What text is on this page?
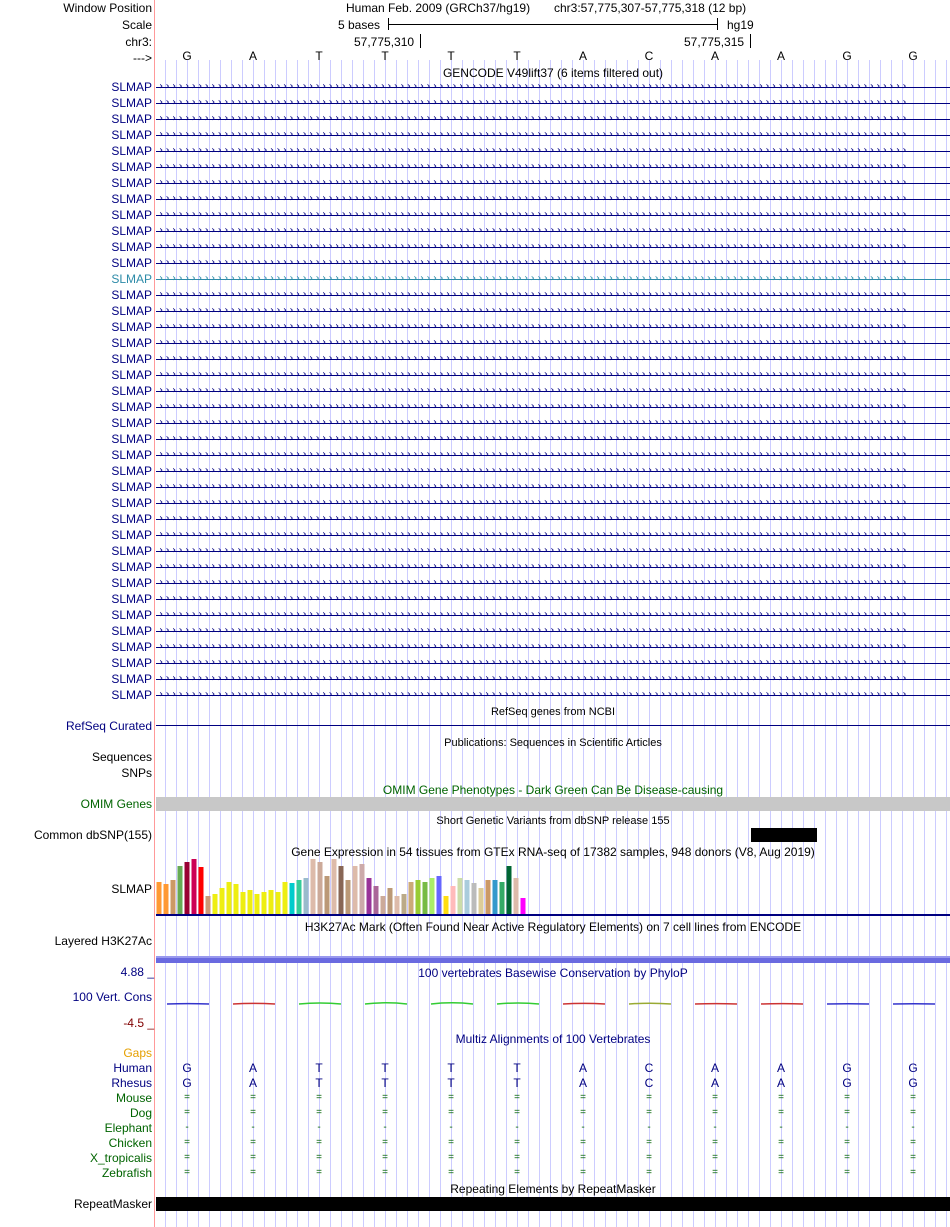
Window Position
Scale
chr3:
--->
Human Feb. 2009 (GRCh37/hg19) chr3:57,775,307-57,775,318 (12 bp)
5 bases	hg19
57,775,310	57,775,315
G	A	T	T	T	T	A	C	A	A	G	G
GENCODE V49lift37 (6 items filtered out)
SLMAP ›››››››››››››››››››››››››››››››››››››››››››››››››››››››››››››››››››››››››››››››››››››››››››››››››››››››››››››››››››
SLMAP ›››››››››››››››››››››››››››››››››››››››››››››››››››››››››››››››››››››››››››››››››››››››››››››››››››››››››››››››››››
SLMAP ›››››››››››››››››››››››››››››››››››››››››››››››››››››››››››››››››››››››››››››››››››››››››››››››››››››››››››››››››››
SLMAP ›››››››››››››››››››››››››››››››››››››››››››››››››››››››››››››››››››››››››››››››››››››››››››››››››››››››››››››››››››
SLMAP ›››››››››››››››››››››››››››››››››››››››››››››››››››››››››››››››››››››››››››››››››››››››››››››››››››››››››››››››››››
SLMAP ›››››››››››››››››››››››››››››››››››››››››››››››››››››››››››››››››››››››››››››››››››››››››››››››››››››››››››››››››››
SLMAP ›››››››››››››››››››››››››››››››››››››››››››››››››››››››››››››››››››››››››››››››››››››››››››››››››››››››››››››››››››
SLMAP ›››››››››››››››››››››››››››››››››››››››››››››››››››››››››››››››››››››››››››››››››››››››››››››››››››››››››››››››››››
SLMAP ›››››››››››››››››››››››››››››››››››››››››››››››››››››››››››››››››››››››››››››››››››››››››››››››››››››››››››››››››››
SLMAP ›››››››››››››››››››››››››››››››››››››››››››››››››››››››››››››››››››››››››››››››››››››››››››››››››››››››››››››››››››
SLMAP ›››››››››››››››››››››››››››››››››››››››››››››››››››››››››››››››››››››››››››››››››››››››››››››››››››››››››››››››››››
SLMAP ›››››››››››››››››››››››››››››››››››››››››››››››››››››››››››››››››››››››››››››››››››››››››››››››››››››››››››››››››››
SLMAP ›››››››››››››››››››››››››››››››››››››››››››››››››››››››››››››››››››››››››››››››››››››››››››››››››››››››››››››››››››
SLMAP ›››››››››››››››››››››››››››››››››››››››››››››››››››››››››››››››››››››››››››››››››››››››››››››››››››››››››››››››››››
SLMAP ›››››››››››››››››››››››››››››››››››››››››››››››››››››››››››››››››››››››››››››››››››››››››››››››››››››››››››››››››››
SLMAP ›››››››››››››››››››››››››››››››››››››››››››››››››››››››››››››››››››››››››››››››››››››››››››››››››››››››››››››››››››
SLMAP ›››››››››››››››››››››››››››››››››››››››››››››››››››››››››››››››››››››››››››››››››››››››››››››››››››››››››››››››››››
SLMAP ›››››››››››››››››››››››››››››››››››››››››››››››››››››››››››››››››››››››››››››››››››››››››››››››››››››››››››››››››››
SLMAP ›››››››››››››››››››››››››››››››››››››››››››››››››››››››››››››››››››››››››››››››››››››››››››››››››››››››››››››››››››
SLMAP ›››››››››››››››››››››››››››››››››››››››››››››››››››››››››››››››››››››››››››››››››››››››››››››››››››››››››››››››››››
SLMAP ›››››››››››››››››››››››››››››››››››››››››››››››››››››››››››››››››››››››››››››››››››››››››››››››››››››››››››››››››››
SLMAP ›››››››››››››››››››››››››››››››››››››››››››››››››››››››››››››››››››››››››››››››››››››››››››››››››››››››››››››››››››
SLMAP ›››››››››››››››››››››››››››››››››››››››››››››››››››››››››››››››››››››››››››››››››››››››››››››››››››››››››››››››››››
SLMAP ›››››››››››››››››››››››››››››››››››››››››››››››››››››››››››››››››››››››››››››››››››››››››››››››››››››››››››››››››››
SLMAP ›››››››››››››››››››››››››››››››››››››››››››››››››››››››››››››››››››››››››››››››››››››››››››››››››››››››››››››››››››
SLMAP ›››››››››››››››››››››››››››››››››››››››››››››››››››››››››››››››››››››››››››››››››››››››››››››››››››››››››››››››››››
SLMAP ›››››››››››››››››››››››››››››››››››››››››››››››››››››››››››››››››››››››››››››››››››››››››››››››››››››››››››››››››››
SLMAP ›››››››››››››››››››››››››››››››››››››››››››››››››››››››››››››››››››››››››››››››››››››››››››››››››››››››››››››››››››
SLMAP ›››››››››››››››››››››››››››››››››››››››››››››››››››››››››››››››››››››››››››››››››››››››››››››››››››››››››››››››››››
SLMAP ›››››››››››››››››››››››››››››››››››››››››››››››››››››››››››››››››››››››››››››››››››››››››››››››››››››››››››››››››››
SLMAP ›››››››››››››››››››››››››››››››››››››››››››››››››››››››››››››››››››››››››››››››››››››››››››››››››››››››››››››››››››
SLMAP ›››››››››››››››››››››››››››››››››››››››››››››››››››››››››››››››››››››››››››››››››››››››››››››››››››››››››››››››››››
SLMAP ›››››››››››››››››››››››››››››››››››››››››››››››››››››››››››››››››››››››››››››››››››››››››››››››››››››››››››››››››››
SLMAP ›››››››››››››››››››››››››››››››››››››››››››››››››››››››››››››››››››››››››››››››››››››››››››››››››››››››››››››››››››
SLMAP ›››››››››››››››››››››››››››››››››››››››››››››››››››››››››››››››››››››››››››››››››››››››››››››››››››››››››››››››››››
SLMAP ›››››››››››››››››››››››››››››››››››››››››››››››››››››››››››››››››››››››››››››››››››››››››››››››››››››››››››››››››››
SLMAP ›››››››››››››››››››››››››››››››››››››››››››››››››››››››››››››››››››››››››››››››››››››››››››››››››››››››››››››››››››
SLMAP ›››››››››››››››››››››››››››››››››››››››››››››››››››››››››››››››››››››››››››››››››››››››››››››››››››››››››››››››››››
SLMAP ›››››››››››››››››››››››››››››››››››››››››››››››››››››››››››››››››››››››››››››››››››››››››››››››››››››››››››››››››››
RefSeq genes from NCBI
RefSeq Curated
Publications: Sequences in Scientific Articles
Sequences
SNPs
OMIM Gene Phenotypes - Dark Green Can Be Disease-causing
OMIM Genes
Short Genetic Variants from dbSNP release 155
Common dbSNP(155)
Gene Expression in 54 tissues from GTEx RNA-seq of 17382 samples, 948 donors (V8, Aug 2019)
SLMAP
H3K27Ac Mark (Often Found Near Active Regulatory Elements) on 7 cell lines from ENCODE
Layered H3K27Ac
4.88 _	100 vertebrates Basewise Conservation by PhyloP
100 Vert. Cons
-4.5 _
Multiz Alignments of 100 Vertebrates
Gaps
Human	G	A	T	T	T	T	A	C	A	A	G	G
Rhesus	G	A	T	T	T	T	A	C	A	A	G	G
Mouse	=	=	=	=	=	=	=	=	=	=	=	=
Dog	=	=	=	=	=	=	=	=	=	=	=	=
Elephant	-	-	-	-	-	-	-	-	-	-	-	-
Chicken	=	=	=	=	=	=	=	=	=	=	=	=
X_tropicalis	=	=	=	=	=	=	=	=	=	=	=	=
Zebrafish	=	=	=	=	=	=	=	=	=	=	=	=
Repeating Elements by RepeatMasker
RepeatMasker
